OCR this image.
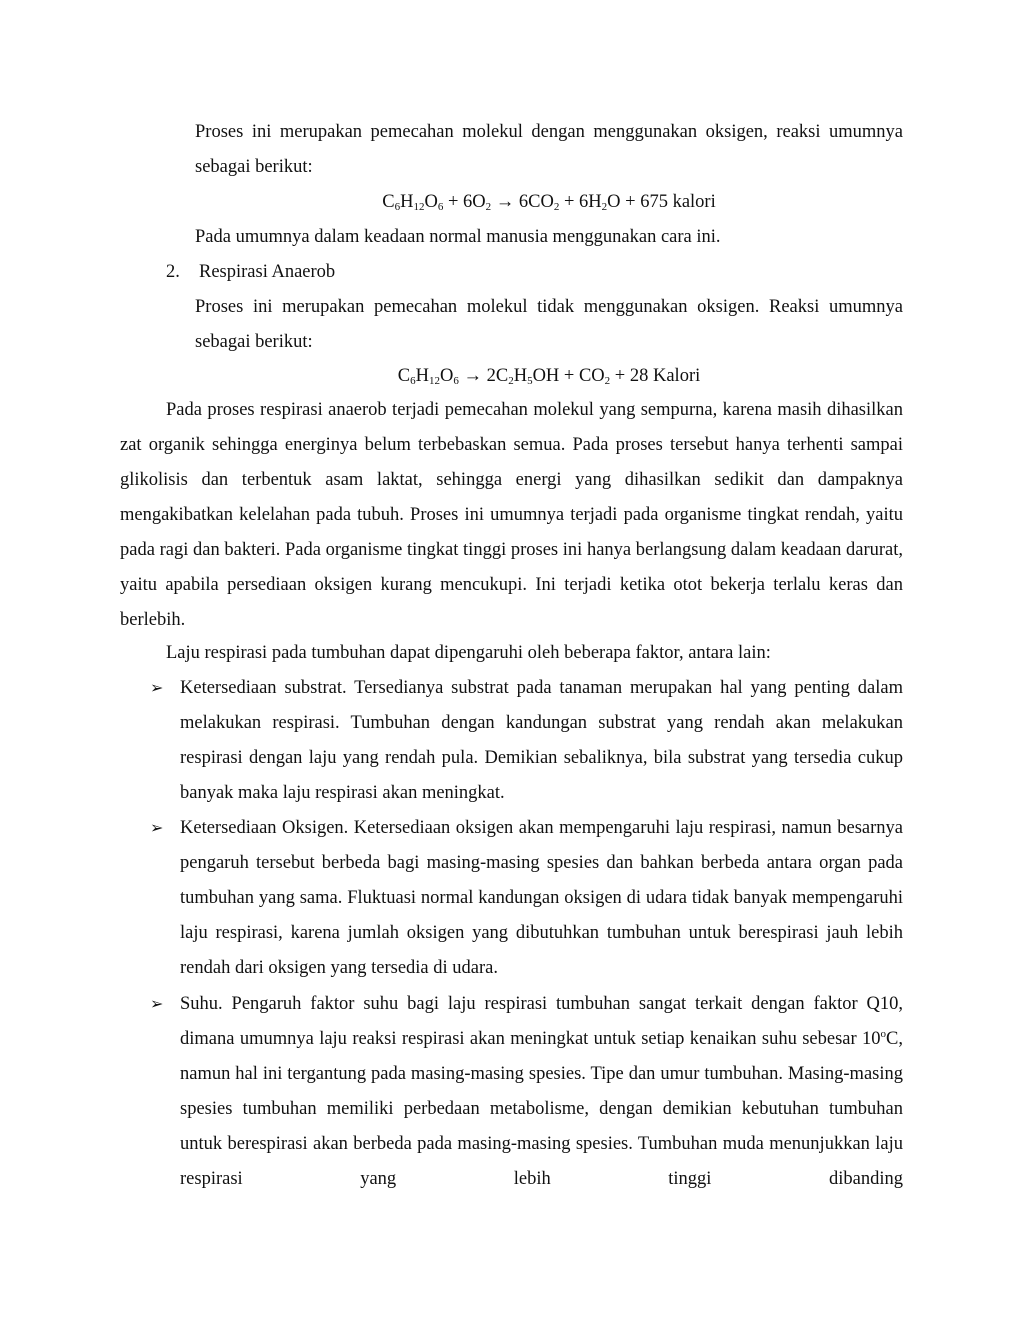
Proses ini merupakan pemecahan molekul dengan menggunakan oksigen, reaksi umumnya sebagai berikut:
$C_6H_{12}O_6 + 6O_2 \to 6CO_2 + 6H_2O + 675$ kalori
Pada umumnya dalam keadaan normal manusia menggunakan cara ini.
2. Respirasi Anaerob
Proses ini merupakan pemecahan molekul tidak menggunakan oksigen. Reaksi umumnya sebagai berikut:
$C_6H_{12}O_6 \to 2C_2H_5OH + CO_2 + 28$ Kalori
Pada proses respirasi anaerob terjadi pemecahan molekul yang sempurna, karena masih dihasilkan zat organik sehingga energinya belum terbebaskan semua. Pada proses tersebut hanya terhenti sampai glikolisis dan terbentuk asam laktat, sehingga energi yang dihasilkan sedikit dan dampaknya mengakibatkan kelelahan pada tubuh. Proses ini umumnya terjadi pada organisme tingkat rendah, yaitu pada ragi dan bakteri. Pada organisme tingkat tinggi proses ini hanya berlangsung dalam keadaan darurat, yaitu apabila persediaan oksigen kurang mencukupi. Ini terjadi ketika otot bekerja terlalu keras dan berlebih.
Laju respirasi pada tumbuhan dapat dipengaruhi oleh beberapa faktor, antara lain:
➢ Ketersediaan substrat. Tersedianya substrat pada tanaman merupakan hal yang penting dalam melakukan respirasi. Tumbuhan dengan kandungan substrat yang rendah akan melakukan respirasi dengan laju yang rendah pula. Demikian sebaliknya, bila substrat yang tersedia cukup banyak maka laju respirasi akan meningkat.
➢ Ketersediaan Oksigen. Ketersediaan oksigen akan mempengaruhi laju respirasi, namun besarnya pengaruh tersebut berbeda bagi masing-masing spesies dan bahkan berbeda antara organ pada tumbuhan yang sama. Fluktuasi normal kandungan oksigen di udara tidak banyak mempengaruhi laju respirasi, karena jumlah oksigen yang dibutuhkan tumbuhan untuk berespirasi jauh lebih rendah dari oksigen yang tersedia di udara.
➢ Suhu. Pengaruh faktor suhu bagi laju respirasi tumbuhan sangat terkait dengan faktor Q10, dimana umumnya laju reaksi respirasi akan meningkat untuk setiap kenaikan suhu sebesar 10$^o$C, namun hal ini tergantung pada masing-masing spesies. Tipe dan umur tumbuhan. Masing-masing spesies tumbuhan memiliki perbedaan metabolisme, dengan demikian kebutuhan tumbuhan untuk berespirasi akan berbeda pada masing-masing spesies. Tumbuhan muda menunjukkan laju respirasi yang lebih tinggi dibanding
